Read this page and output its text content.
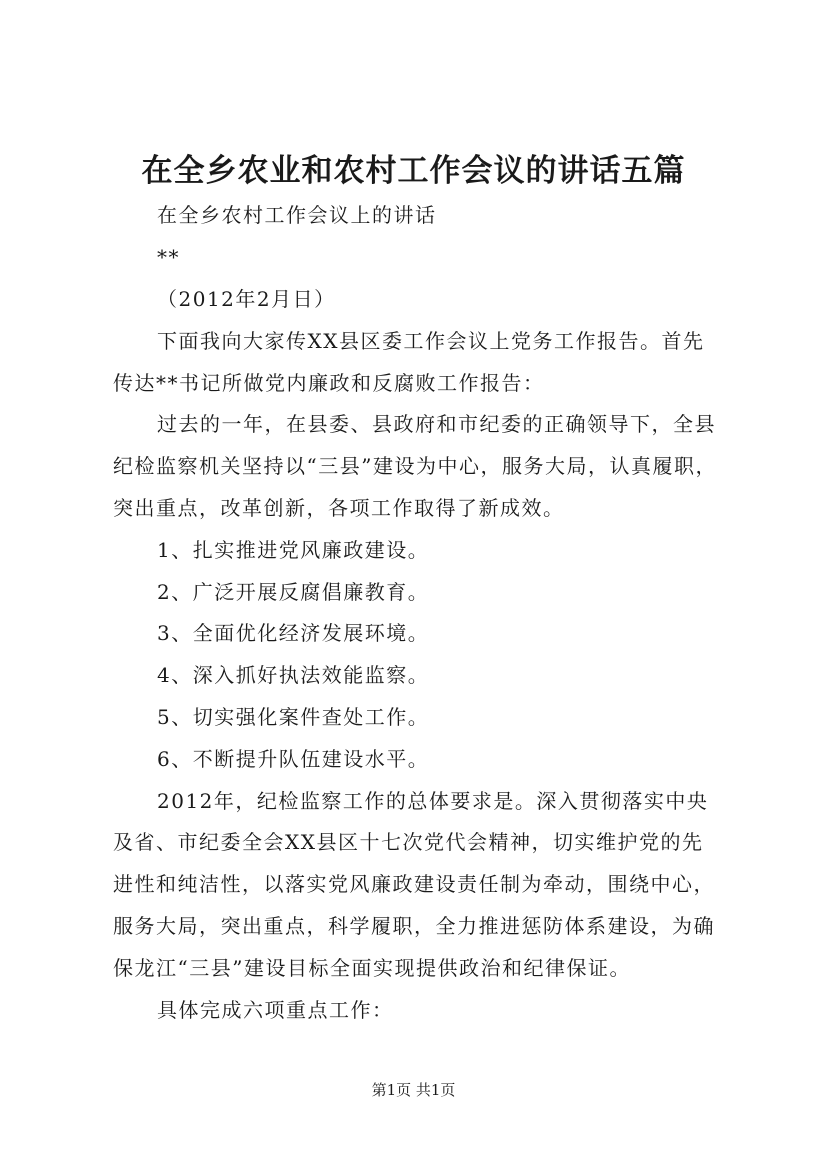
在全乡农业和农村工作会议的讲话五篇
在全乡农村工作会议上的讲话
**
（2012年2月日）
下面我向大家传XX县区委工作会议上党务工作报告。首先
传达**书记所做党内廉政和反腐败工作报告：
过去的一年，在县委、县政府和市纪委的正确领导下，全县
纪检监察机关坚持以“三县”建设为中心，服务大局，认真履职，
突出重点，改革创新，各项工作取得了新成效。
1、扎实推进党风廉政建设。
2、广泛开展反腐倡廉教育。
3、全面优化经济发展环境。
4、深入抓好执法效能监察。
5、切实强化案件查处工作。
6、不断提升队伍建设水平。
2012年，纪检监察工作的总体要求是。深入贯彻落实中央
及省、市纪委全会XX县区十七次党代会精神，切实维护党的先
进性和纯洁性，以落实党风廉政建设责任制为牵动，围绕中心，
服务大局，突出重点，科学履职，全力推进惩防体系建设，为确
保龙江“三县”建设目标全面实现提供政治和纪律保证。
具体完成六项重点工作：
第1页 共1页
